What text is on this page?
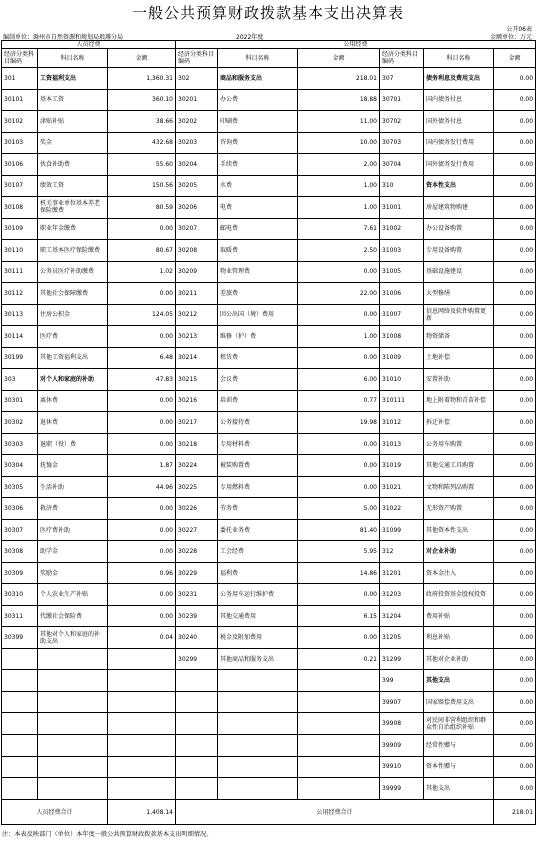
一般公共预算财政拨款基本支出决算表
公开06表
编制单位：滁州市自然资源和规划局琅琊分局	2022年度	金额单位：万元
人员经费			公用经费					
经济分类科目编码	科目名称	金额	经济分类科目编码	科目名称	金额	经济分类科目编码	科目名称	金额
301	工资福利支出	1,360.31	302	商品和服务支出	218.01	307	债务利息及费用支出	0.00
30101	基本工资	360.10	30201	办公费	18.88	30701	国内债务付息	0.00
30102	津贴补贴	38.66	30202	印刷费	11.00	30702	国外债务付息	0.00
30103	奖金	432.68	30203	咨询费	10.00	30703	国内债务发行费用	0.00
30106	伙食补助费	55.60	30204	手续费	2.00	30704	国外债务发行费用	0.00
30107	绩效工资	150.56	30205	水费	1.00	310	资本性支出	0.00
30108	机关事业单位基本养老保险缴费	80.59	30206	电费	1.00	31001	房屋建筑物购建	0.00
30109	职业年金缴费	0.00	30207	邮电费	7.61	31002	办公设备购置	0.00
30110	职工基本医疗保险缴费	80.67	30208	取暖费	2.50	31003	专用设备购置	0.00
30111	公务员医疗补助缴费	1.02	30209	物业管理费	0.00	31005	基础设施建设	0.00
30112	其他社会保障缴费	0.00	30211	差旅费	22.00	31006	大型修缮	0.00
30113	住房公积金	124.05	30212	因公出国（境）费用	0.00	31007	信息网络及软件购置更新	0.00
30114	医疗费	0.00	30213	维修（护）费	1.00	31008	物资储备	0.00
30199	其他工资福利支出	6.48	30214	租赁费	0.00	31009	土地补偿	0.00
303	对个人和家庭的补助	47.83	30215	会议费	6.00	31010	安置补助	0.00
30301	离休费	0.00	30216	培训费	0.77	310111	地上附着物和青苗补偿	0.00
30302	退休费	0.00	30217	公务接待费	19.98	31012	拆迁补偿	0.00
30303	退职（役）费	0.00	30218	专用材料费	0.00	31013	公务用车购置	0.00
30304	抚恤金	1.87	30224	被装购置费	0.00	31019	其他交通工具购置	0.00
30305	生活补助	44.96	30225	专用燃料费	0.00	31021	文物和陈列品购置	0.00
30306	救济费	0.00	30226	劳务费	5.00	31022	无形资产购置	0.00
30307	医疗费补助	0.00	30227	委托业务费	81.40	31099	其他资本性支出	0.00
30308	助学金	0.00	30228	工会经费	5.95	312	对企业补助	0.00
30309	奖励金	0.96	30229	福利费	14.86	31201	资本金注入	0.00
30310	个人农业生产补贴	0.00	30231	公务用车运行维护费	0.00	31203	政府投资基金股权投资	0.00
30311	代缴社会保险费	0.00	30239	其他交通费用	6.15	31204	费用补贴	0.00
30399	其他对个人和家庭的补助支出	0.04	30240	税金及附加费用	0.00	31205	利息补贴	0.00
			30299	其他商品和服务支出	0.21	31299	其他对企业补助	0.00
						399	其他支出	0.00
						39907	国家赔偿费用支出	0.00
						39908	对民间非营利组织和群众性自治组织补贴	0.00
						39909	经常性赠与	0.00
						39910	资本性赠与	0.00
						39999	其他支出	0.00
人员经费合计		1,408.14	公用经费合计					218.01
注：本表反映部门（单位）本年度一般公共预算财政拨款基本支出明细情况。
